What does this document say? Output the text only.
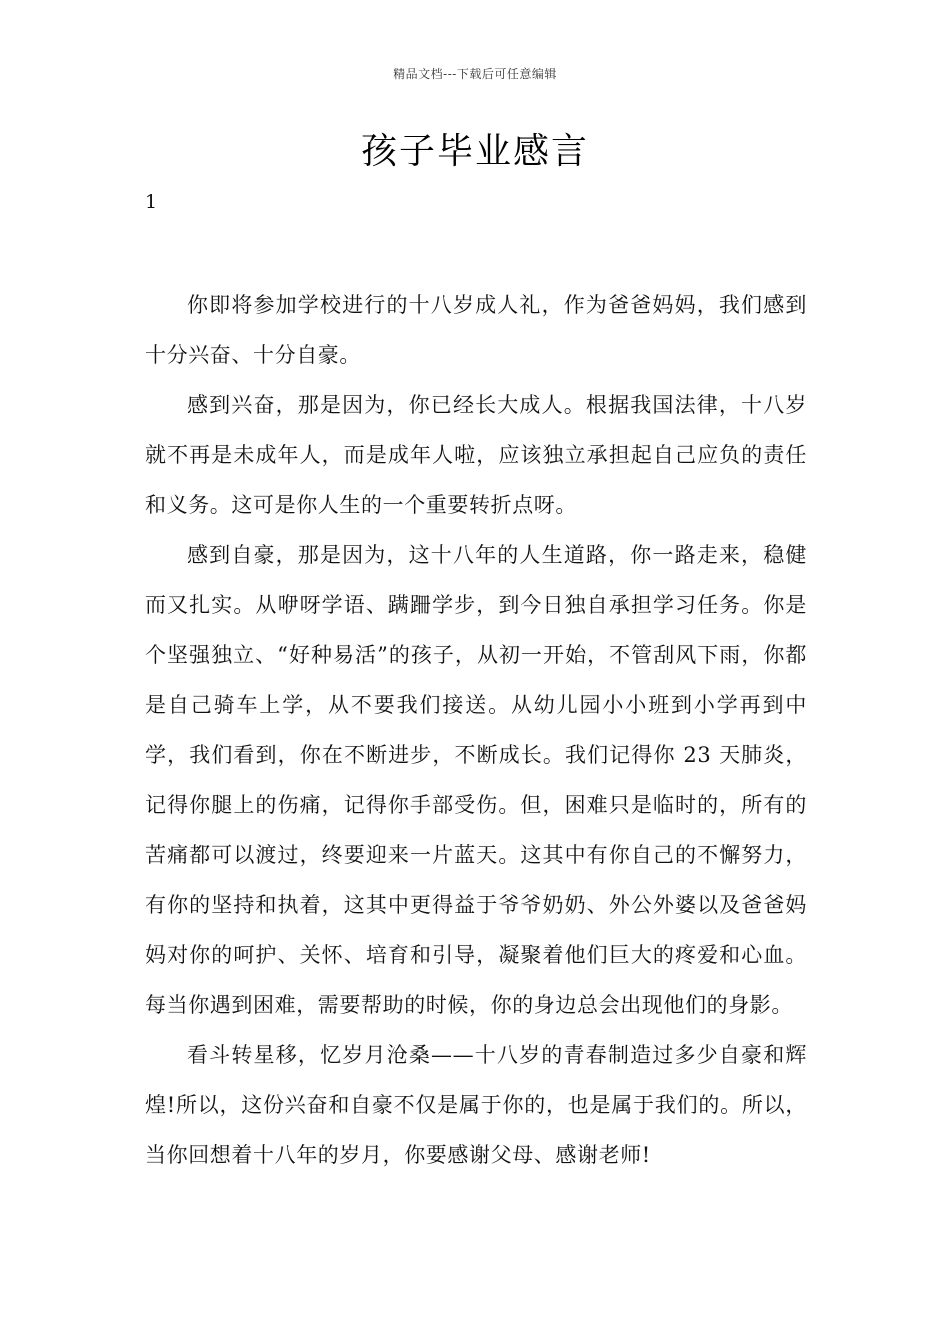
精品文档---下载后可任意编辑
孩子毕业感言
1

你即将参加学校进行的十八岁成人礼，作为爸爸妈妈，我们感到十分兴奋、十分自豪。

感到兴奋，那是因为，你已经长大成人。根据我国法律，十八岁就不再是未成年人，而是成年人啦，应该独立承担起自己应负的责任和义务。这可是你人生的一个重要转折点呀。

感到自豪，那是因为，这十八年的人生道路，你一路走来，稳健而又扎实。从咿呀学语、蹒跚学步，到今日独自承担学习任务。你是个坚强独立、“好种易活”的孩子，从初一开始，不管刮风下雨，你都是自己骑车上学，从不要我们接送。从幼儿园小小班到小学再到中学，我们看到，你在不断进步，不断成长。我们记得你 23 天肺炎，记得你腿上的伤痛，记得你手部受伤。但，困难只是临时的，所有的苦痛都可以渡过，终要迎来一片蓝天。这其中有你自己的不懈努力，有你的坚持和执着，这其中更得益于爷爷奶奶、外公外婆以及爸爸妈妈对你的呵护、关怀、培育和引导，凝聚着他们巨大的疼爱和心血。每当你遇到困难，需要帮助的时候，你的身边总会出现他们的身影。

看斗转星移，忆岁月沧桑——十八岁的青春制造过多少自豪和辉煌!所以，这份兴奋和自豪不仅是属于你的，也是属于我们的。所以，当你回想着十八年的岁月，你要感谢父母、感谢老师!
